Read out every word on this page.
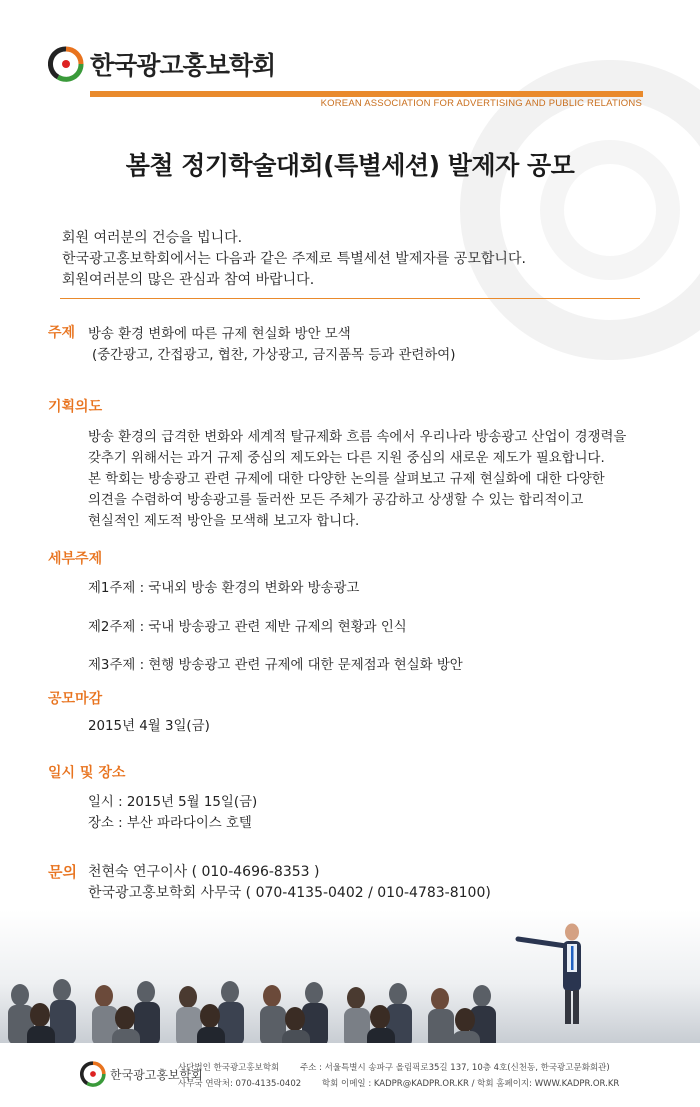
한국광고홍보학회
KOREAN ASSOCIATION FOR ADVERTISING AND PUBLIC RELATIONS
봄철 정기학술대회(특별세션) 발제자 공모
회원 여러분의 건승을 빕니다.
한국광고홍보학회에서는 다음과 같은 주제로 특별세션 발제자를 공모합니다.
회원여러분의 많은 관심과 참여 바랍니다.
주제 방송 환경 변화에 따른 규제 현실화 방안 모색
(중간광고, 간접광고, 협찬, 가상광고, 금지품목 등과 관련하여)
기획의도
방송 환경의 급격한 변화와 세계적 탈규제화 흐름 속에서 우리나라 방송광고 산업이 경쟁력을
갖추기 위해서는 과거 규제 중심의 제도와는 다른 지원 중심의 새로운 제도가 필요합니다.
본 학회는 방송광고 관련 규제에 대한 다양한 논의를 살펴보고 규제 현실화에 대한 다양한
의견을 수렴하여 방송광고를 둘러싼 모든 주체가 공감하고 상생할 수 있는 합리적이고
현실적인 제도적 방안을 모색해 보고자 합니다.
세부주제
제1주제 : 국내외 방송 환경의 변화와 방송광고
제2주제 : 국내 방송광고 관련 제반 규제의 현황과 인식
제3주제 : 현행 방송광고 관련 규제에 대한 문제점과 현실화 방안
공모마감
2015년 4월 3일(금)
일시 및 장소
일시 : 2015년 5월 15일(금)
장소 : 부산 파라다이스 호텔
문의 천현숙 연구이사 ( 010-4696-8353 )
한국광고홍보학회 사무국 ( 070-4135-0402 / 010-4783-8100)
한국광고홍보학회
사단법인 한국광고홍보학회 주소 : 서울특별시 송파구 올림픽로35길 137, 10층 4호(신천동, 한국광고문화회관)
사무국 연락처: 070-4135-0402 학회 이메일 : KADPR@KADPR.OR.KR / 학회 홈페이지: WWW.KADPR.OR.KR
